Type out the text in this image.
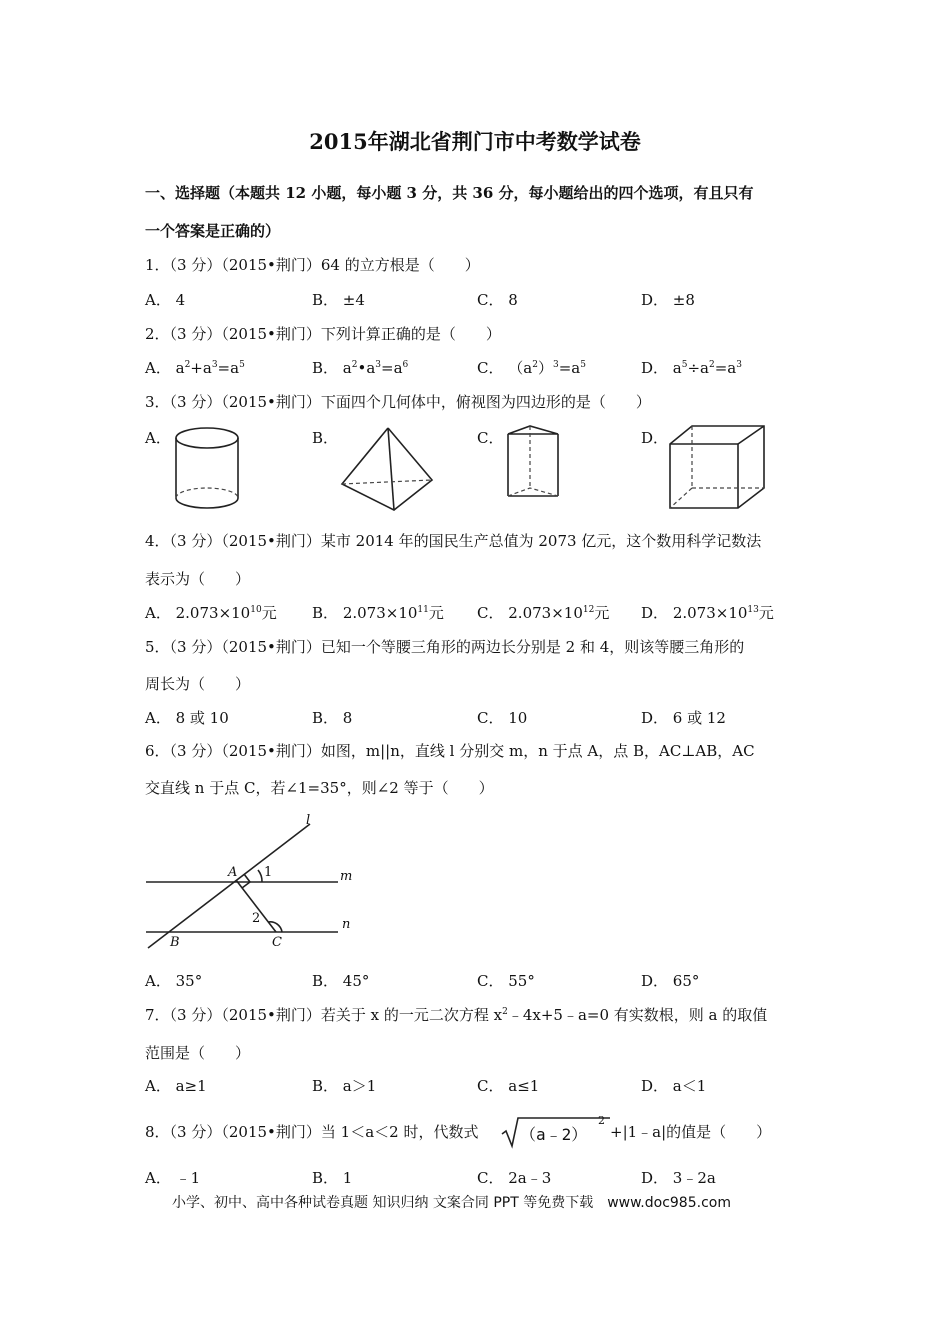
2015年湖北省荆门市中考数学试卷
一、选择题（本题共 12 小题，每小题 3 分，共 36 分，每小题给出的四个选项，有且只有
一个答案是正确的）
1．（3 分）（2015•荆门）64 的立方根是（　　）
A． 4	B． ±4	C． 8	D． ±8
2．（3 分）（2015•荆门）下列计算正确的是（　　）
A． $a^2+a^3=a^5$	B． $a^2•a^3=a^6$	C． $(a^2)^3=a^5$	D． $a^5\div a^2=a^3$
3．（3 分）（2015•荆门）下面四个几何体中，俯视图为四边形的是（　　）
A．	B．	C．	D．
4．（3 分）（2015•荆门）某市 2014 年的国民生产总值为 2073 亿元，这个数用科学记数法
表示为（　　）
A． $2.073\times 10^{10}$元 B． $2.073\times 10^{11}$元 C． $2.073\times 10^{12}$元 D． $2.073\times 10^{13}$元
5．（3 分）（2015•荆门）已知一个等腰三角形的两边长分别是 2 和 4，则该等腰三角形的
周长为（　　）
A． 8 或 10	B． 8	C． 10	D． 6 或 12
6．（3 分）（2015•荆门）如图，m||n，直线 l 分别交 m，n 于点 A，点 B，AC⊥AB，AC
交直线 n 于点 C，若∠1=35°，则∠2 等于（　　）
l
m
n
A
B	C
1
2
A． 35°	B． 45°	C． 55°	D． 65°
7．（3 分）（2015•荆门）若关于 x 的一元二次方程 $x^2﹣4x+5﹣a=0$ 有实数根，则 a 的取值
范围是（　　）
A． a≥1	B． a＞1	C． a≤1	D． a＜1
8．（3 分）（2015•荆门）当 1＜a＜2 时，代数式	（a﹣2）
2
+|1﹣a|的值是（　　）
A． ﹣1	B． 1	C． 2a﹣3	D． 3﹣2a
小学、初中、高中各种试卷真题 知识归纳 文案合同 PPT 等免费下载　www.doc985.com
